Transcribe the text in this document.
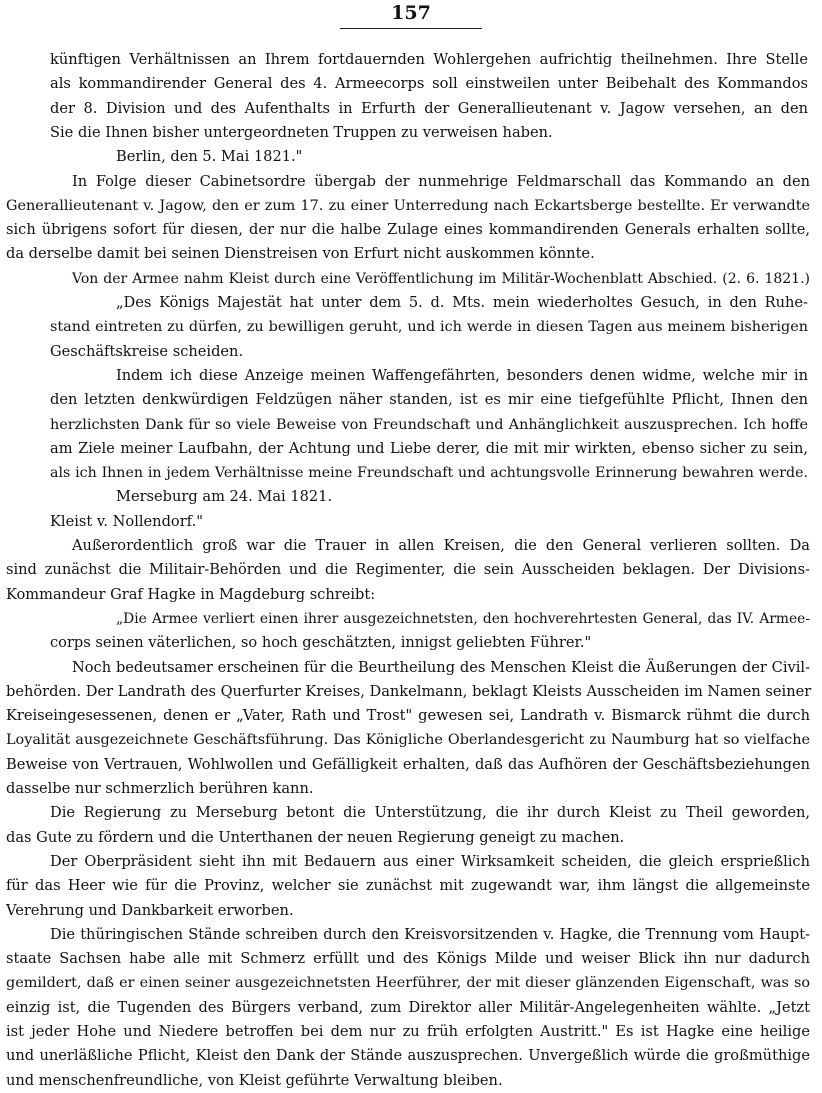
157

künftigen Verhältnissen an Ihrem fortdauernden Wohlergehen aufrichtig theilnehmen. Ihre Stelle

als kommandirender General des 4. Armeecorps soll einstweilen unter Beibehalt des Kommandos

der 8. Division und des Aufenthalts in Erfurth der Generallieutenant v. Jagow versehen, an den

Sie die Ihnen bisher untergeordneten Truppen zu verweisen haben.

Berlin, den 5. Mai 1821."

In Folge dieser Cabinetsordre übergab der nunmehrige Feldmarschall das Kommando an den

Generallieutenant v. Jagow, den er zum 17. zu einer Unterredung nach Eckartsberge bestellte. Er verwandte

sich übrigens sofort für diesen, der nur die halbe Zulage eines kommandirenden Generals erhalten sollte,

da derselbe damit bei seinen Dienstreisen von Erfurt nicht auskommen könnte.

Von der Armee nahm Kleist durch eine Veröffentlichung im Militär-Wochenblatt Abschied. (2. 6. 1821.)

„Des Königs Majestät hat unter dem 5. d. Mts. mein wiederholtes Gesuch, in den Ruhe-

stand eintreten zu dürfen, zu bewilligen geruht, und ich werde in diesen Tagen aus meinem bisherigen

Geschäftskreise scheiden.

Indem ich diese Anzeige meinen Waffengefährten, besonders denen widme, welche mir in

den letzten denkwürdigen Feldzügen näher standen, ist es mir eine tiefgefühlte Pflicht, Ihnen den

herzlichsten Dank für so viele Beweise von Freundschaft und Anhänglichkeit auszusprechen. Ich hoffe

am Ziele meiner Laufbahn, der Achtung und Liebe derer, die mit mir wirkten, ebenso sicher zu sein,

als ich Ihnen in jedem Verhältnisse meine Freundschaft und achtungsvolle Erinnerung bewahren werde.

Merseburg am 24. Mai 1821.

Kleist v. Nollendorf."

Außerordentlich groß war die Trauer in allen Kreisen, die den General verlieren sollten. Da

sind zunächst die Militair-Behörden und die Regimenter, die sein Ausscheiden beklagen. Der Divisions-

Kommandeur Graf Hagke in Magdeburg schreibt:

„Die Armee verliert einen ihrer ausgezeichnetsten, den hochverehrtesten General, das IV. Armee-

corps seinen väterlichen, so hoch geschätzten, innigst geliebten Führer."

Noch bedeutsamer erscheinen für die Beurtheilung des Menschen Kleist die Äußerungen der Civil-

behörden. Der Landrath des Querfurter Kreises, Dankelmann, beklagt Kleists Ausscheiden im Namen seiner

Kreiseingesessenen, denen er „Vater, Rath und Trost" gewesen sei, Landrath v. Bismarck rühmt die durch

Loyalität ausgezeichnete Geschäftsführung. Das Königliche Oberlandesgericht zu Naumburg hat so vielfache

Beweise von Vertrauen, Wohlwollen und Gefälligkeit erhalten, daß das Aufhören der Geschäftsbeziehungen

dasselbe nur schmerzlich berühren kann.

Die Regierung zu Merseburg betont die Unterstützung, die ihr durch Kleist zu Theil geworden,

das Gute zu fördern und die Unterthanen der neuen Regierung geneigt zu machen.

Der Oberpräsident sieht ihn mit Bedauern aus einer Wirksamkeit scheiden, die gleich ersprießlich

für das Heer wie für die Provinz, welcher sie zunächst mit zugewandt war, ihm längst die allgemeinste

Verehrung und Dankbarkeit erworben.

Die thüringischen Stände schreiben durch den Kreisvorsitzenden v. Hagke, die Trennung vom Haupt-

staate Sachsen habe alle mit Schmerz erfüllt und des Königs Milde und weiser Blick ihn nur dadurch

gemildert, daß er einen seiner ausgezeichnetsten Heerführer, der mit dieser glänzenden Eigenschaft, was so

einzig ist, die Tugenden des Bürgers verband, zum Direktor aller Militär-Angelegenheiten wählte. „Jetzt

ist jeder Hohe und Niedere betroffen bei dem nur zu früh erfolgten Austritt." Es ist Hagke eine heilige

und unerläßliche Pflicht, Kleist den Dank der Stände auszusprechen. Unvergeßlich würde die großmüthige

und menschenfreundliche, von Kleist geführte Verwaltung bleiben.
